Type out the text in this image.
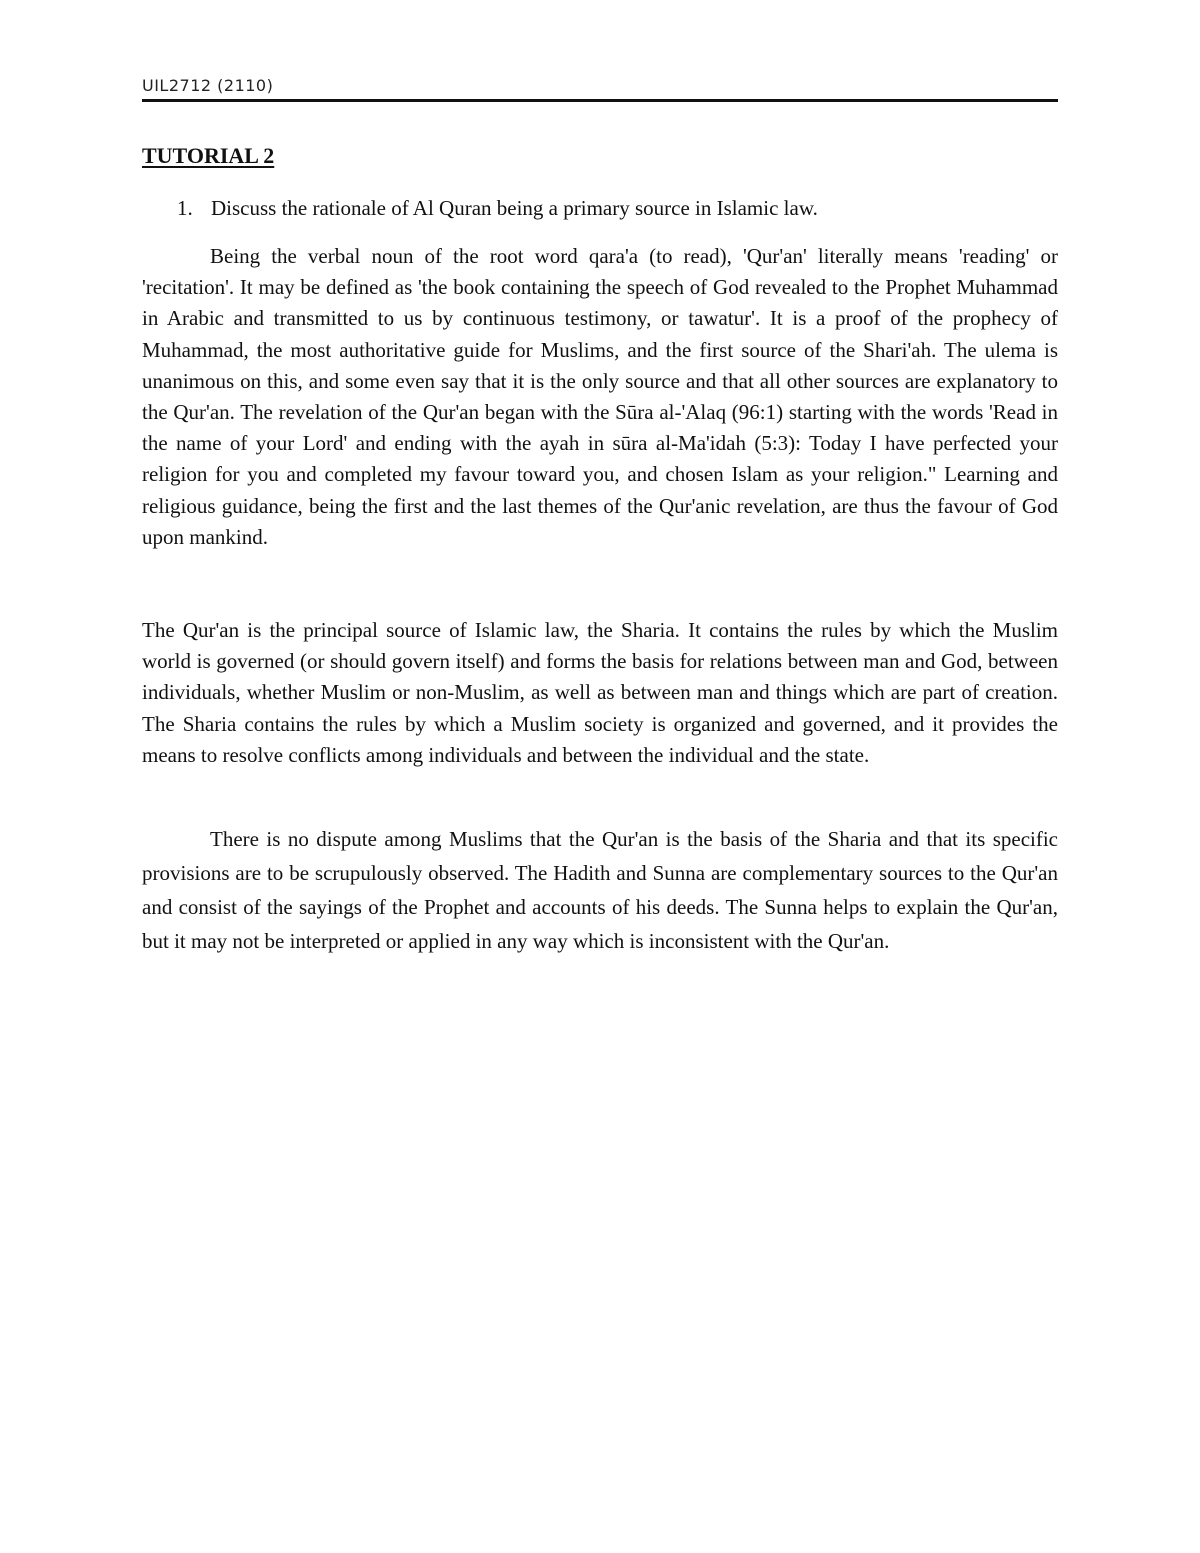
UIL2712 (2110)
TUTORIAL 2
1. Discuss the rationale of Al Quran being a primary source in Islamic law.

Being the verbal noun of the root word qara'a (to read), 'Qur'an' literally means 'reading' or 'recitation'. It may be defined as 'the book containing the speech of God revealed to the Prophet Muhammad in Arabic and transmitted to us by continuous testimony, or tawatur'. It is a proof of the prophecy of Muhammad, the most authoritative guide for Muslims, and the first source of the Shari'ah. The ulema is unanimous on this, and some even say that it is the only source and that all other sources are explanatory to the Qur'an. The revelation of the Qur'an began with the Sūra al-'Alaq (96:1) starting with the words 'Read in the name of your Lord' and ending with the ayah in sūra al-Ma'idah (5:3): Today I have perfected your religion for you and completed my favour toward you, and chosen Islam as your religion." Learning and religious guidance, being the first and the last themes of the Qur'anic revelation, are thus the favour of God upon mankind.

The Qur'an is the principal source of Islamic law, the Sharia. It contains the rules by which the Muslim world is governed (or should govern itself) and forms the basis for relations between man and God, between individuals, whether Muslim or non-Muslim, as well as between man and things which are part of creation. The Sharia contains the rules by which a Muslim society is organized and governed, and it provides the means to resolve conflicts among individuals and between the individual and the state.

There is no dispute among Muslims that the Qur'an is the basis of the Sharia and that its specific provisions are to be scrupulously observed. The Hadith and Sunna are complementary sources to the Qur'an and consist of the sayings of the Prophet and accounts of his deeds. The Sunna helps to explain the Qur'an, but it may not be interpreted or applied in any way which is inconsistent with the Qur'an.
